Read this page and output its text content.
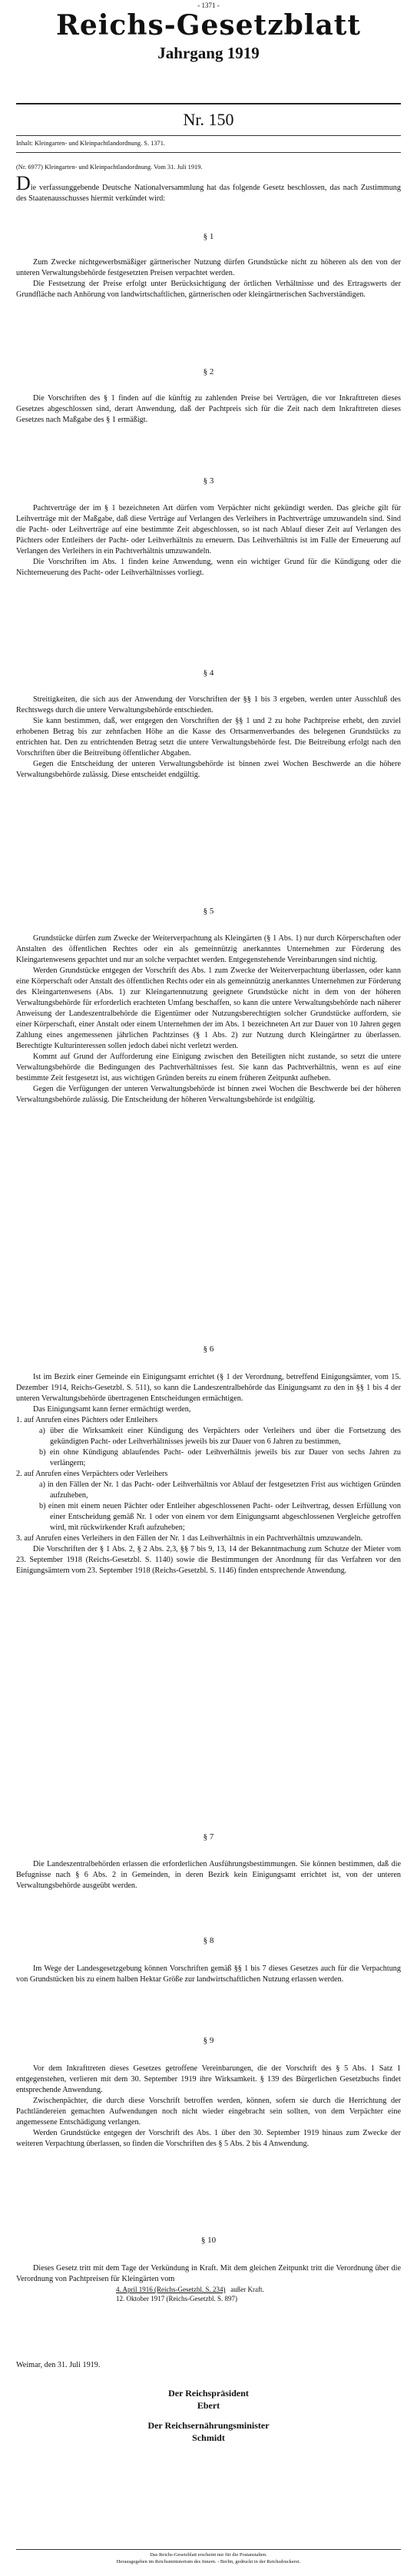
- 1371 -
Reichs-Gesetzblatt
Jahrgang 1919
Nr. 150
Inhalt: Kleingarten- und Kleinpachtlandordnung. S. 1371.
(Nr. 6977) Kleingarten- und Kleinpachtlandordnung. Vom 31. Juli 1919.
Die verfassunggebende Deutsche Nationalversammlung hat das folgende Gesetz beschlossen, das nach Zustimmung des Staatenausschusses hiermit verkündet wird:
§ 1
Zum Zwecke nichtgewerbsmäßiger gärtnerischer Nutzung dürfen Grundstücke nicht zu höheren als den von der unteren Verwaltungsbehörde festgesetzten Preisen verpachtet werden.
Die Festsetzung der Preise erfolgt unter Berücksichtigung der örtlichen Verhältnisse und des Ertragswerts der Grundfläche nach Anhörung von landwirtschaftlichen, gärtnerischen oder kleingärtnerischen Sachverständigen.
§ 2
Die Vorschriften des § 1 finden auf die künftig zu zahlenden Preise bei Verträgen, die vor Inkrafttreten dieses Gesetzes abgeschlossen sind, derart Anwendung, daß der Pachtpreis sich für die Zeit nach dem Inkrafttreten dieses Gesetzes nach Maßgabe des § 1 ermäßigt.
§ 3
Pachtverträge der im § 1 bezeichneten Art dürfen vom Verpächter nicht gekündigt werden. Das gleiche gilt für Leihverträge mit der Maßgabe, daß diese Verträge auf Verlangen des Verleihers in Pachtverträge umzuwandeln sind. Sind die Pacht- oder Leihverträge auf eine bestimmte Zeit abgeschlossen, so ist nach Ablauf dieser Zeit auf Verlangen des Pächters oder Entleihers der Pacht- oder Leihverhältnis zu erneuern. Das Leihverhältnis ist im Falle der Erneuerung auf Verlangen des Verleihers in ein Pachtverhältnis umzuwandeln.
Die Vorschriften im Abs. 1 finden keine Anwendung, wenn ein wichtiger Grund für die Kündigung oder die Nichterneuerung des Pacht- oder Leihverhältnisses vorliegt.
§ 4
Streitigkeiten, die sich aus der Anwendung der Vorschriften der §§ 1 bis 3 ergeben, werden unter Ausschluß des Rechtswegs durch die untere Verwaltungsbehörde entschieden.
Sie kann bestimmen, daß, wer entgegen den Vorschriften der §§ 1 und 2 zu hohe Pachtpreise erhebt, den zuviel erhobenen Betrag bis zur zehnfachen Höhe an die Kasse des Ortsarmenverbandes des belegenen Grundstücks zu entrichten hat. Den zu entrichtenden Betrag setzt die untere Verwaltungsbehörde fest. Die Beitreibung erfolgt nach den Vorschriften über die Beitreibung öffentlicher Abgaben.
Gegen die Entscheidung der unteren Verwaltungsbehörde ist binnen zwei Wochen Beschwerde an die höhere Verwaltungsbehörde zulässig. Diese entscheidet endgültig.
§ 5
Grundstücke dürfen zum Zwecke der Weiterverpachtung als Kleingärten (§ 1 Abs. 1) nur durch Körperschaften oder Anstalten des öffentlichen Rechtes oder ein als gemeinnützig anerkanntes Unternehmen zur Förderung des Kleingartenwesens gepachtet und nur an solche verpachtet werden. Entgegenstehende Vereinbarungen sind nichtig.
Werden Grundstücke entgegen der Vorschrift des Abs. 1 zum Zwecke der Weiterverpachtung überlassen, oder kann eine Körperschaft oder Anstalt des öffentlichen Rechts oder ein als gemeinnützig anerkanntes Unternehmen zur Förderung des Kleingartenwesens (Abs. 1) zur Kleingartennutzung geeignete Grundstücke nicht in dem von der höheren Verwaltungsbehörde für erforderlich erachteten Umfang beschaffen, so kann die untere Verwaltungsbehörde nach näherer Anweisung der Landeszentralbehörde die Eigentümer oder Nutzungsberechtigten solcher Grundstücke auffordern, sie einer Körperschaft, einer Anstalt oder einem Unternehmen der im Abs. 1 bezeichneten Art zur Dauer von 10 Jahren gegen Zahlung eines angemessenen jährlichen Pachtzinses (§ 1 Abs. 2) zur Nutzung durch Kleingärtner zu überlassen. Berechtigte Kulturinteressen sollen jedoch dabei nicht verletzt werden.
Kommt auf Grund der Aufforderung eine Einigung zwischen den Beteiligten nicht zustande, so setzt die untere Verwaltungsbehörde die Bedingungen des Pachtverhältnisses fest. Sie kann das Pachtverhältnis, wenn es auf eine bestimmte Zeit festgesetzt ist, aus wichtigen Gründen bereits zu einem früheren Zeitpunkt aufheben.
Gegen die Verfügungen der unteren Verwaltungsbehörde ist binnen zwei Wochen die Beschwerde bei der höheren Verwaltungsbehörde zulässig. Die Entscheidung der höheren Verwaltungsbehörde ist endgültig.
§ 6
Ist im Bezirk einer Gemeinde ein Einigungsamt errichtet (§ 1 der Verordnung, betreffend Einigungsämter, vom 15. Dezember 1914, Reichs-Gesetzbl. S. 511), so kann die Landeszentralbehörde das Einigungsamt zu den in §§ 1 bis 4 der unteren Verwaltungsbehörde übertragenen Entscheidungen ermächtigen.
Das Einigungsamt kann ferner ermächtigt werden,
1. auf Anrufen eines Pächters oder Entleihers
a) über die Wirksamkeit einer Kündigung des Verpächters oder Verleihers und über die Fortsetzung des gekündigten Pacht- oder Leihverhältnisses jeweils bis zur Dauer von 6 Jahren zu bestimmen,
b) ein ohne Kündigung ablaufendes Pacht- oder Leihverhältnis jeweils bis zur Dauer von sechs Jahren zu verlängern;
2. auf Anrufen eines Verpächters oder Verleihers
a) in den Fällen der Nr. 1 das Pacht- oder Leihverhältnis vor Ablauf der festgesetzten Frist aus wichtigen Gründen aufzuheben,
b) einen mit einem neuen Pächter oder Entleiher abgeschlossenen Pacht- oder Leihvertrag, dessen Erfüllung von einer Entscheidung gemäß Nr. 1 oder von einem vor dem Einigungsamt abgeschlossenen Vergleiche getroffen wird, mit rückwirkender Kraft aufzuheben;
3. auf Anrufen eines Verleihers in den Fällen der Nr. 1 das Leihverhältnis in ein Pachtverhältnis umzuwandeln.
Die Vorschriften der § 1 Abs. 2, § 2 Abs. 2,3, §§ 7 bis 9, 13, 14 der Bekanntmachung zum Schutze der Mieter vom 23. September 1918 (Reichs-Gesetzbl. S. 1140) sowie die Bestimmungen der Anordnung für das Verfahren vor den Einigungsämtern vom 23. September 1918 (Reichs-Gesetzbl. S. 1146) finden entsprechende Anwendung.
§ 7
Die Landeszentralbehörden erlassen die erforderlichen Ausführungsbestimmungen. Sie können bestimmen, daß die Befugnisse nach § 6 Abs. 2 in Gemeinden, in deren Bezirk kein Einigungsamt errichtet ist, von der unteren Verwaltungsbehörde ausgeübt werden.
§ 8
Im Wege der Landesgesetzgebung können Vorschriften gemäß §§ 1 bis 7 dieses Gesetzes auch für die Verpachtung von Grundstücken bis zu einem halben Hektar Größe zur landwirtschaftlichen Nutzung erlassen werden.
§ 9
Vor dem Inkrafttreten dieses Gesetzes getroffene Vereinbarungen, die der Vorschrift des § 5 Abs. 1 Satz 1 entgegenstehen, verlieren mit dem 30. September 1919 ihre Wirksamkeit. § 139 des Bürgerlichen Gesetzbuchs findet entsprechende Anwendung.
Zwischenpächter, die durch diese Vorschrift betroffen werden, können, sofern sie durch die Herrichtung der Pachtländereien gemachten Aufwendungen noch nicht wieder eingebracht sein sollten, von dem Verpächter eine angemessene Entschädigung verlangen.
Werden Grundstücke entgegen der Vorschrift des Abs. 1 über den 30. September 1919 hinaus zum Zwecke der weiteren Verpachtung überlassen, so finden die Vorschriften des § 5 Abs. 2 bis 4 Anwendung.
§ 10
Dieses Gesetz tritt mit dem Tage der Verkündung in Kraft. Mit dem gleichen Zeitpunkt tritt die Verordnung über die Verordnung von Pachtpreisen für Kleingärten vom
4. April 1916 (Reichs-Gesetzbl. S. 234) außer Kraft.
12. Oktober 1917 (Reichs-Gesetzbl. S. 897)
Weimar, den 31. Juli 1919.
Der Reichspräsident
Ebert
Der Reichsernährungsminister
Schmidt
Das Reichs-Gesetzblatt erscheint nur für die Postanstalten.
Herausgegeben im Reichsministerium des Innern. - Berlin, gedruckt in der Reichsdruckerei.
